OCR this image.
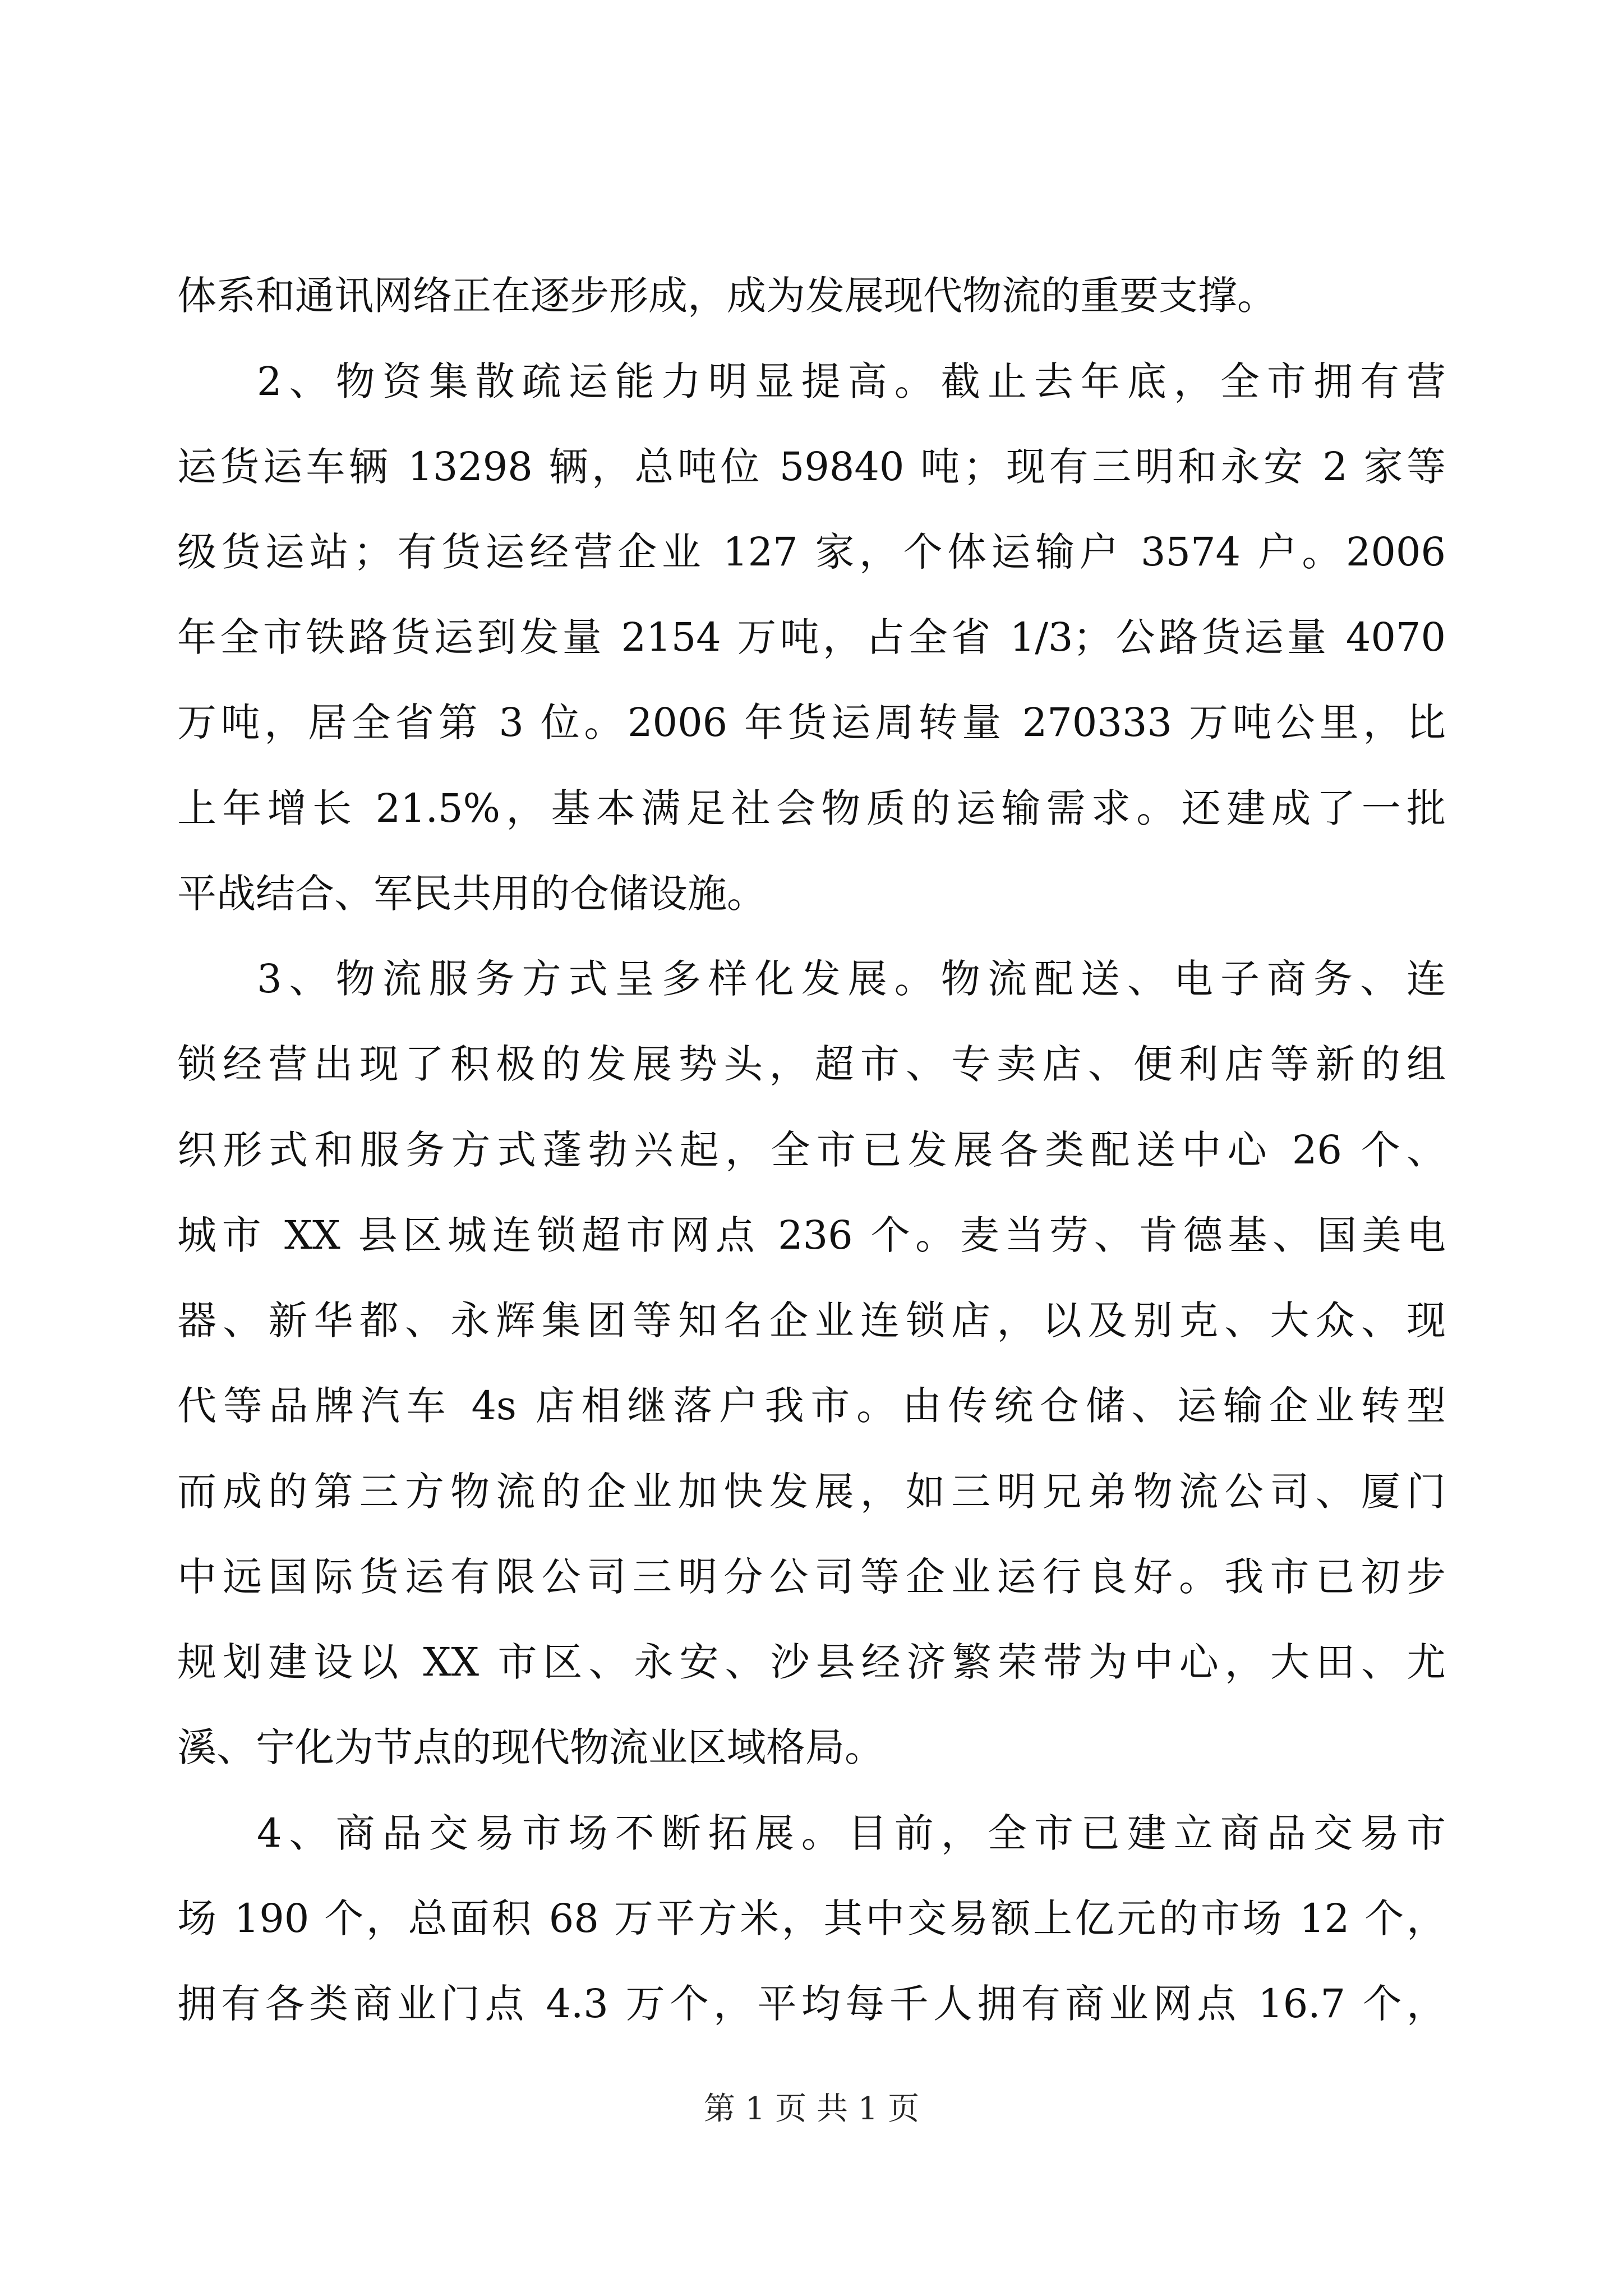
体系和通讯网络正在逐步形成，成为发展现代物流的重要支撑。
2、物资集散疏运能力明显提高。截止去年底，全市拥有营
运货运车辆 13298 辆，总吨位 59840 吨；现有三明和永安 2 家等
级货运站；有货运经营企业 127 家，个体运输户 3574 户。2006
年全市铁路货运到发量 2154 万吨，占全省 1/3；公路货运量 4070
万吨，居全省第 3 位。2006 年货运周转量 270333 万吨公里，比
上年增长 21.5%，基本满足社会物质的运输需求。还建成了一批
平战结合、军民共用的仓储设施。
3、物流服务方式呈多样化发展。物流配送、电子商务、连
锁经营出现了积极的发展势头，超市、专卖店、便利店等新的组
织形式和服务方式蓬勃兴起，全市已发展各类配送中心 26 个、
城市 XX 县区城连锁超市网点 236 个。麦当劳、肯德基、国美电
器、新华都、永辉集团等知名企业连锁店，以及别克、大众、现
代等品牌汽车 4s 店相继落户我市。由传统仓储、运输企业转型
而成的第三方物流的企业加快发展，如三明兄弟物流公司、厦门
中远国际货运有限公司三明分公司等企业运行良好。我市已初步
规划建设以 XX 市区、永安、沙县经济繁荣带为中心，大田、尤
溪、宁化为节点的现代物流业区域格局。
4、商品交易市场不断拓展。目前，全市已建立商品交易市
场 190 个，总面积 68 万平方米，其中交易额上亿元的市场 12 个，
拥有各类商业门点 4.3 万个，平均每千人拥有商业网点 16.7 个，
第 1 页 共 1 页
